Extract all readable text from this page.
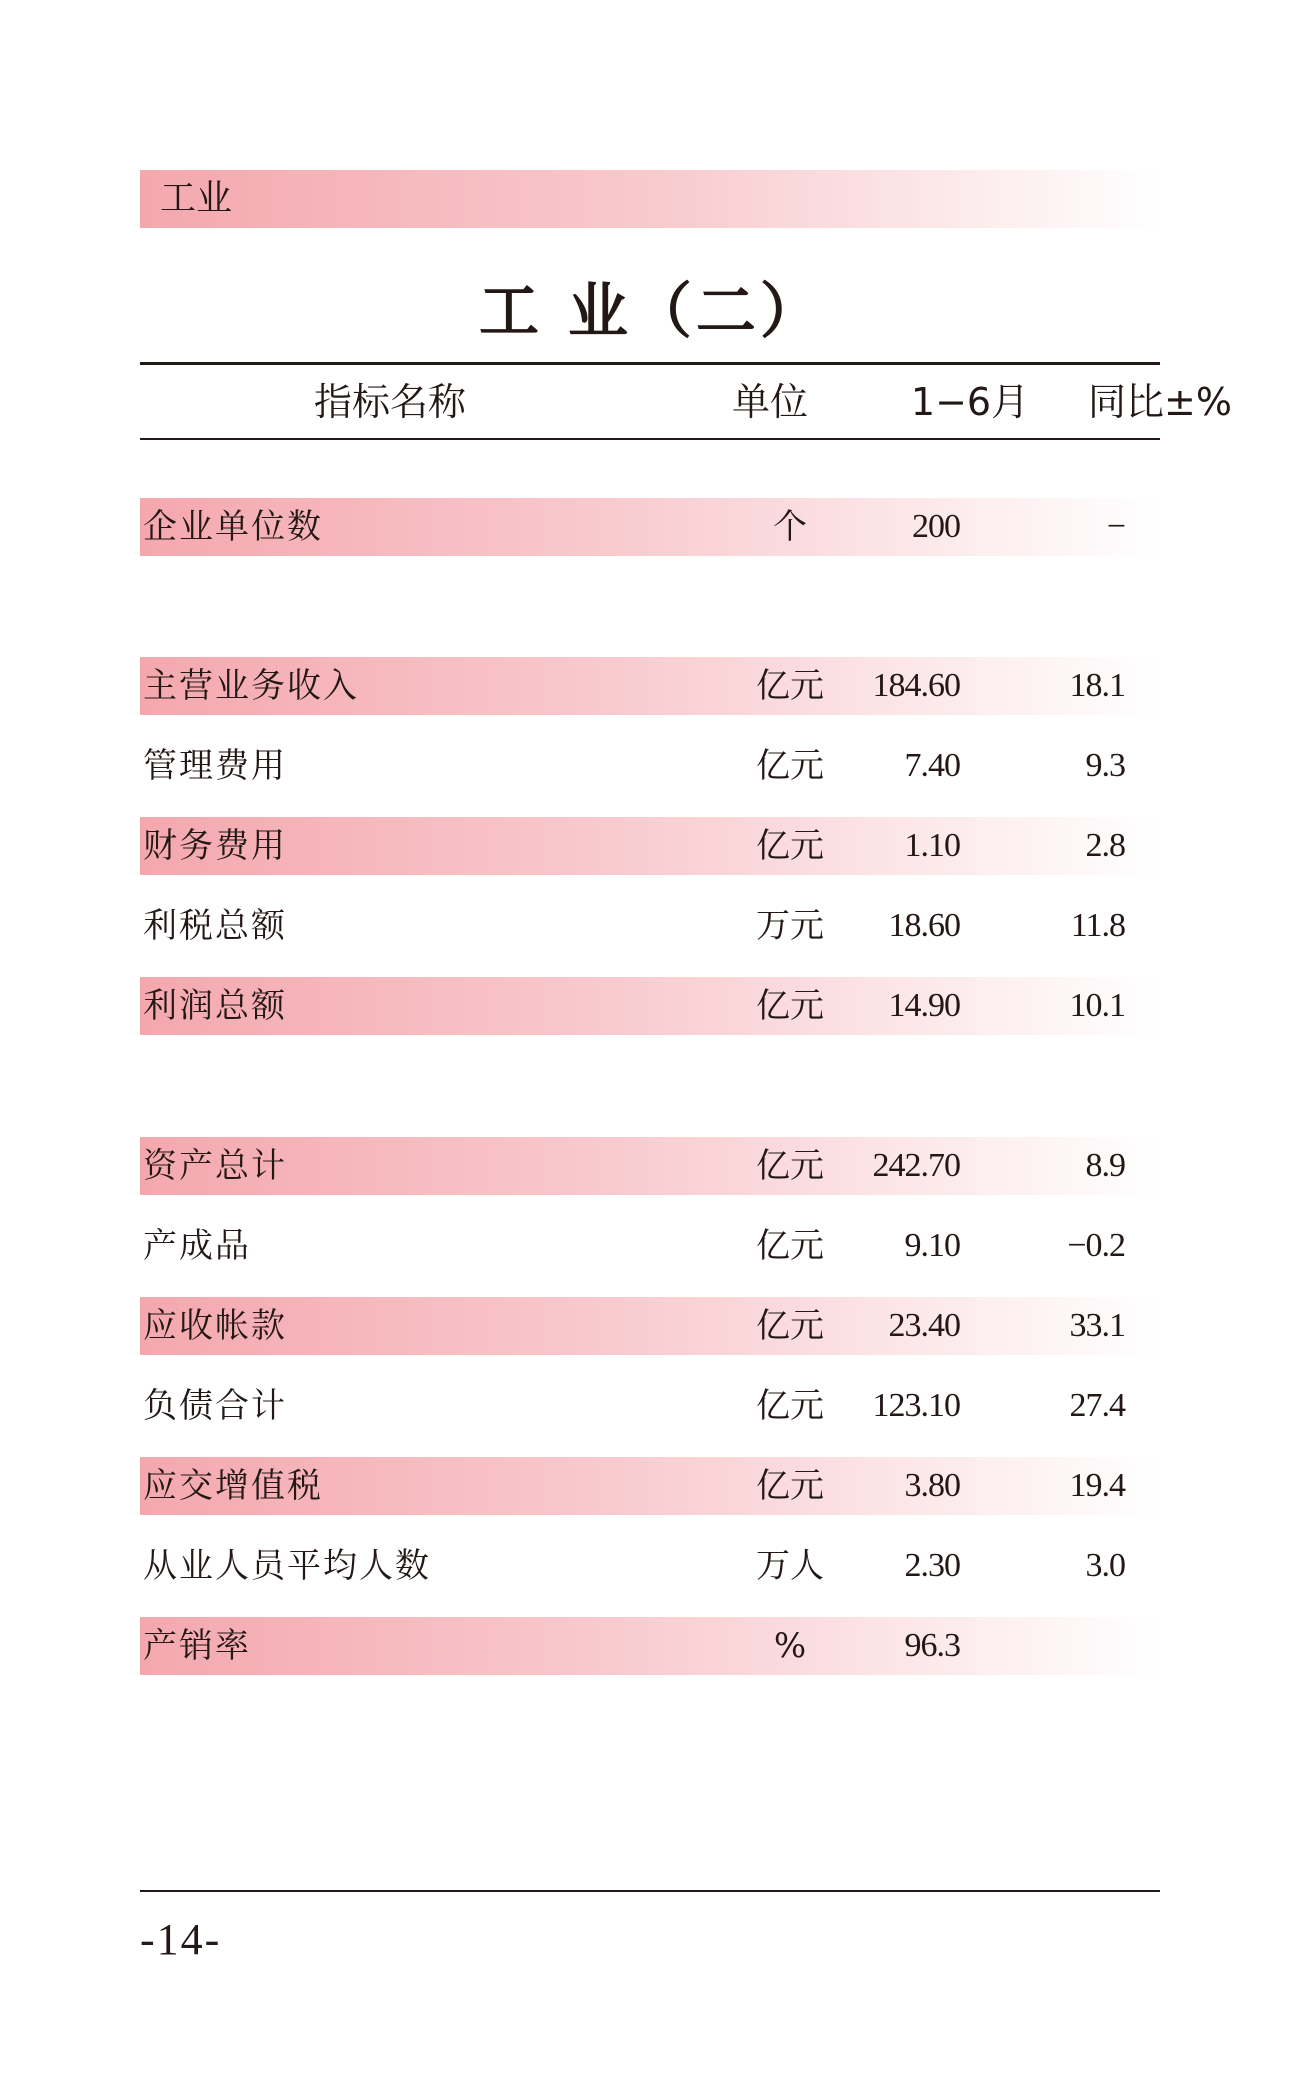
工业
工 业（二）
指标名称	单位	1−6月	同比±%
企业单位数	个	200	−
主营业务收入	亿元	184.60	18.1
管理费用	亿元	7.40	9.3
财务费用	亿元	1.10	2.8
利税总额	万元	18.60	11.8
利润总额	亿元	14.90	10.1
资产总计	亿元	242.70	8.9
产成品	亿元	9.10	−0.2
应收帐款	亿元	23.40	33.1
负债合计	亿元	123.10	27.4
应交增值税	亿元	3.80	19.4
从业人员平均人数	万人	2.30	3.0
产销率	%	96.3
-14-
